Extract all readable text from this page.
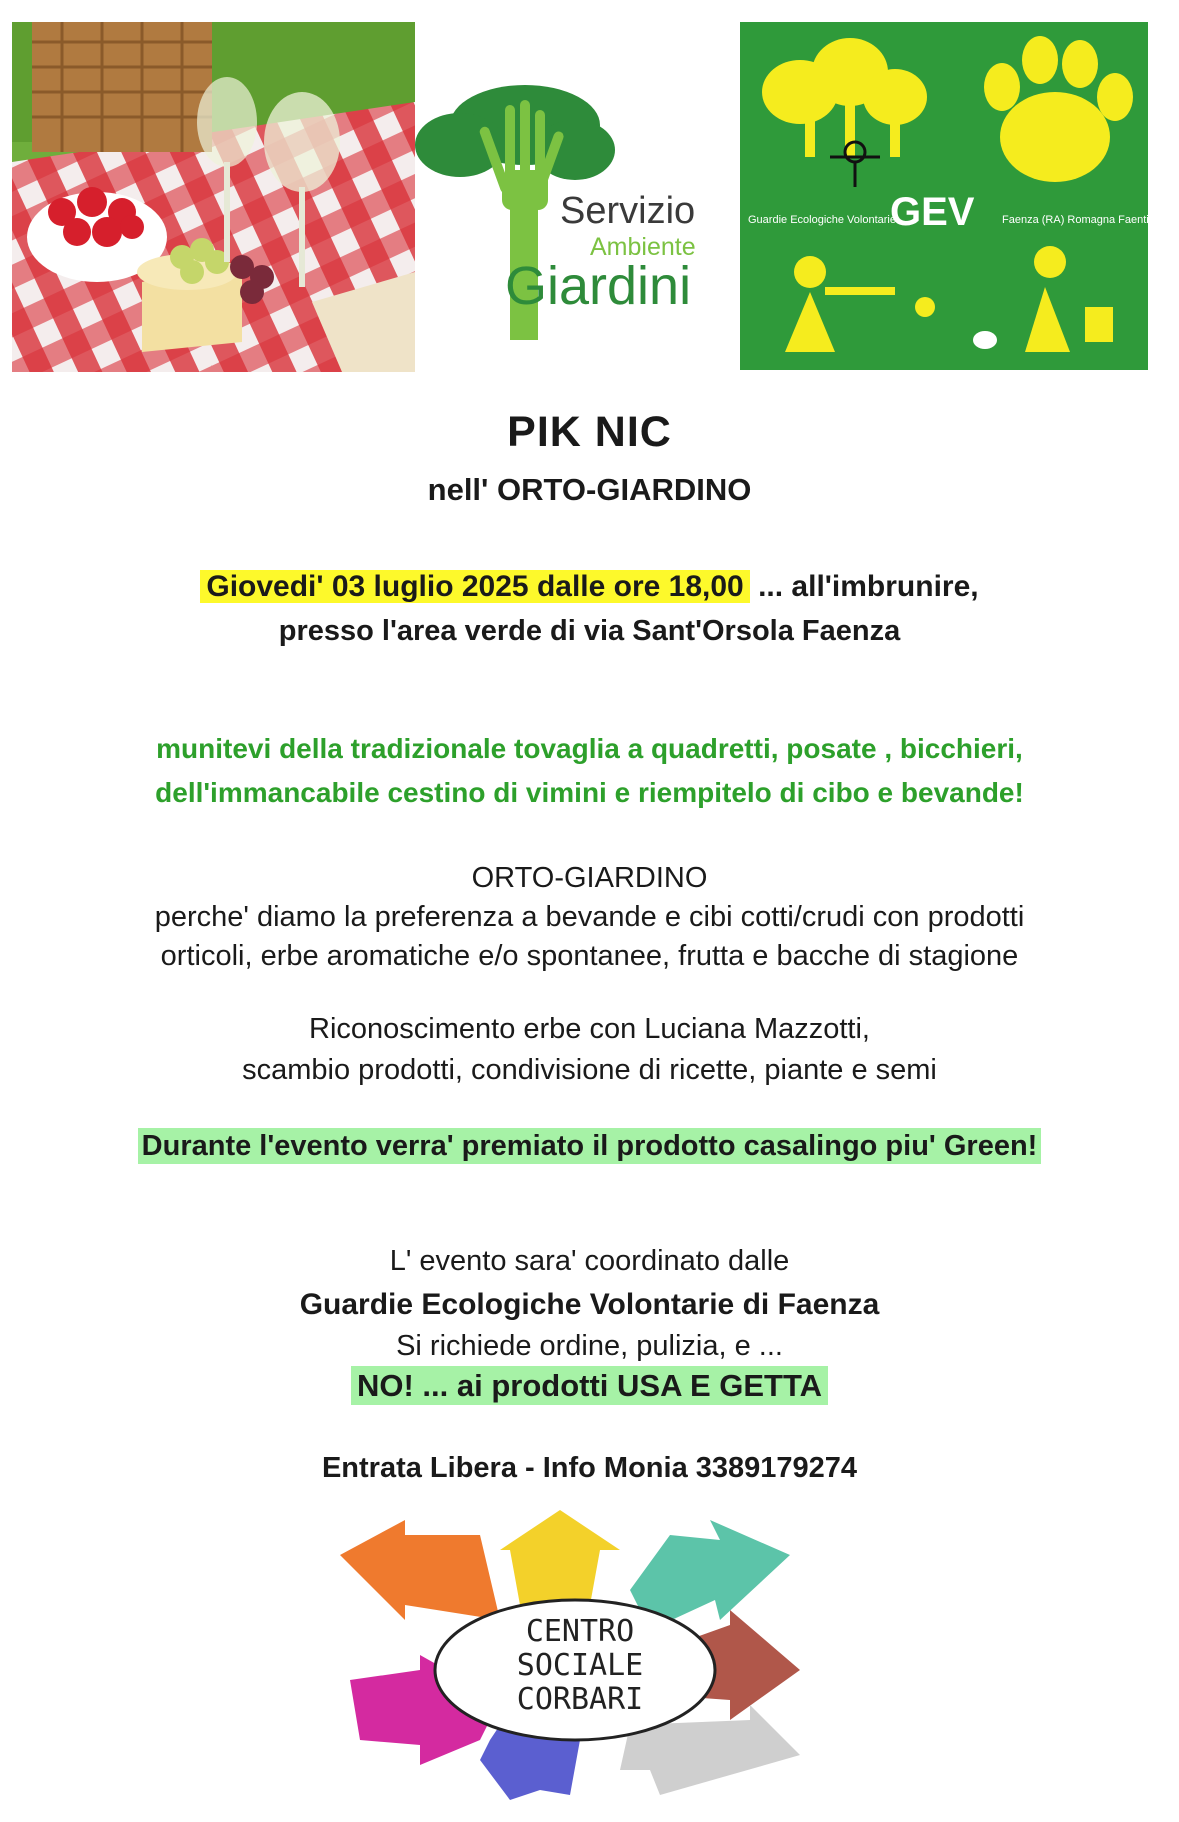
Servizio
Ambiente
Giardini
Guardie Ecologiche Volontarie
GEV	Faenza (RA) Romagna Faentina
PIK NIC
nell' ORTO-GIARDINO
Giovedi' 03 luglio 2025 dalle ore 18,00 ... all'imbrunire,
presso l'area verde di via Sant'Orsola Faenza
munitevi della tradizionale tovaglia a quadretti, posate , bicchieri,
dell'immancabile cestino di vimini e riempitelo di cibo e bevande!
ORTO-GIARDINO
perche' diamo la preferenza a bevande e cibi cotti/crudi con prodotti
orticoli, erbe aromatiche e/o spontanee, frutta e bacche di stagione
Riconoscimento erbe con Luciana Mazzotti,
scambio prodotti, condivisione di ricette, piante e semi
Durante l'evento verra' premiato il prodotto casalingo piu' Green!
L' evento sara' coordinato dalle
Guardie Ecologiche Volontarie di Faenza
Si richiede ordine, pulizia, e ...
NO! ... ai prodotti USA E GETTA
Entrata Libera - Info Monia 3389179274
CENTRO
SOCIALE
CORBARI
